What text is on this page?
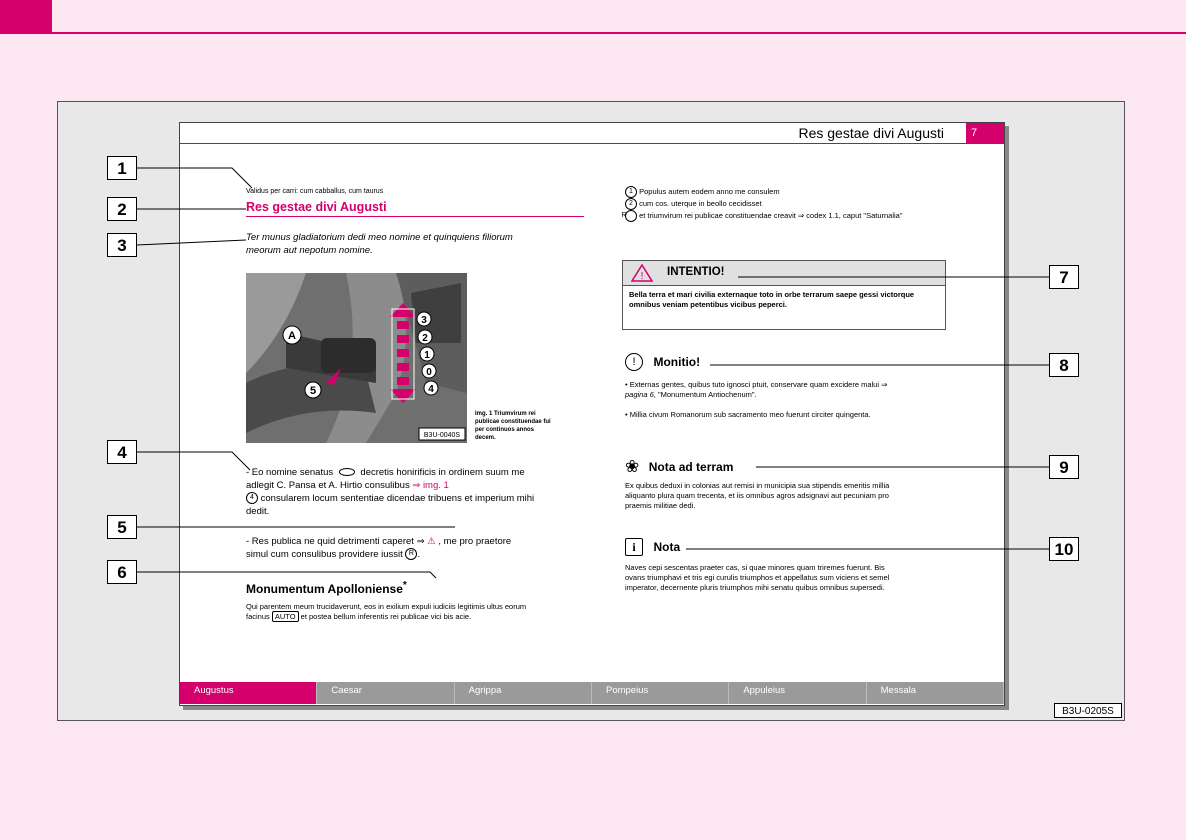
Res gestae divi Augusti	7
Validus per carri: cum cabballus, cum taurus
Res gestae divi Augusti
Ter munus gladiatorium dedi meo nomine et quinquiens filiorum meorum aut nepotum nomine.
A
3
2
1
0
4
5
B3U-0040S
Img. 1 Triumvirum rei publicae constituendae fui per continuos annos decem.
- Eo nomine senatus	decretis honirificis in ordinem suum me adlegit C. Pansa et A. Hirtio consulibus ⇒ img. 1
4 consularem locum sententiae dicendae tribuens et imperium mihi dedit.
- Res publica ne quid detrimenti caperet ⇒ ⚠ , me pro praetore simul cum consulibus providere iussit R .
Monumentum Apolloniense*
Qui parentem meum trucidaverunt, eos in exilium expuli iudiciis legitimis ultus eorum facinus AUTO et postea bellum inferentis rei publicae vici bis acie.
1 Populus autem eodem anno me consulem
2 cum cos. uterque in beollo cecidisset
R et triumvirum rei publicae constituendae creavit ⇒ codex 1.1, caput "Saturnalia"
! INTENTIO!
Bella terra et mari civilia externaque toto in orbe terrarum saepe gessi victorque omnibus veniam petentibus vicibus peperci.
! Monitio!
• Externas gentes, quibus tuto ignosci ptuit, conservare quam excidere malui ⇒ pagina 6, "Monumentum Antiochenum".
• Millia civum Romanorum sub sacramento meo fuerunt circiter quingenta.
❀ Nota ad terram
Ex quibus deduxi in colonias aut remisi in municipia sua stipendis emeritis millia aliquanto plura quam trecenta, et iis omnibus agros adsignavi aut pecuniam pro praemis militiae dedi.
i Nota
Naves cepi sescentas praeter cas, si quae minores quam triremes fuerunt. Bis ovans triumphavi et tris egi curulis triumphos et appellatus sum viciens et semel imperator, decernente pluris triumphos mihi senatu quibus omnibus supersedi.
Augustus	Caesar	Agrippa	Pompeius	Appuleius	Messala
B3U-0205S
1
2
3
4
5
6
7
8
9
10
